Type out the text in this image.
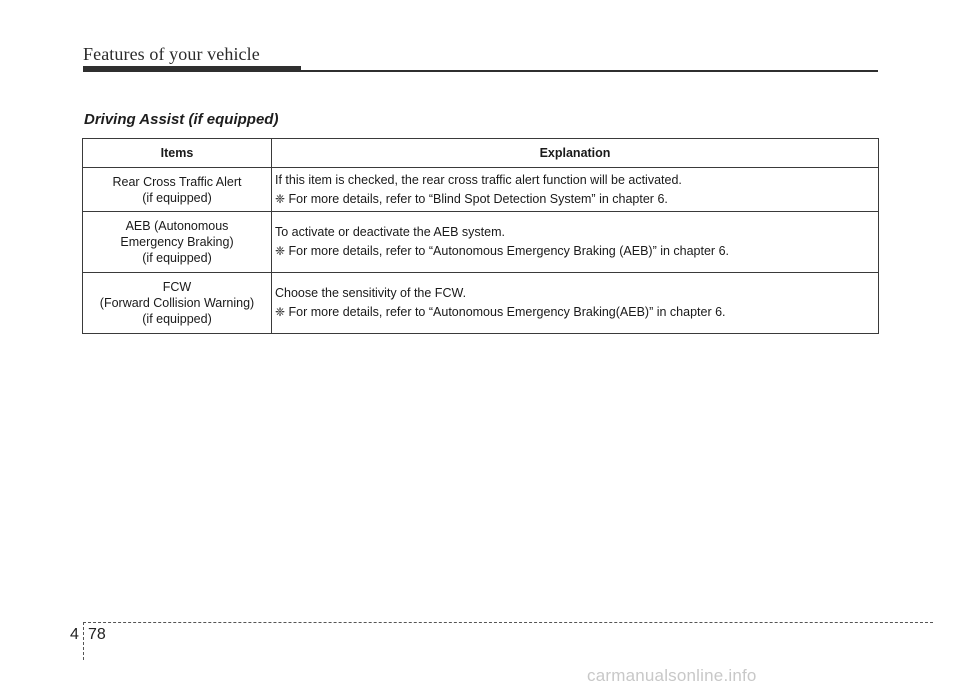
Features of your vehicle
Driving Assist (if equipped)
Items	Explanation

Rear Cross Traffic Alert
(if equipped)	If this item is checked, the rear cross traffic alert function will be activated.
❈ For more details, refer to “Blind Spot Detection System” in chapter 6.

AEB (Autonomous
Emergency Braking)
(if equipped)	To activate or deactivate the AEB system.
❈ For more details, refer to “Autonomous Emergency Braking (AEB)” in chapter 6.

FCW
(Forward Collision Warning)
(if equipped)	Choose the sensitivity of the FCW.
❈ For more details, refer to “Autonomous Emergency Braking(AEB)” in chapter 6.
4 78
carmanualsonline.info
